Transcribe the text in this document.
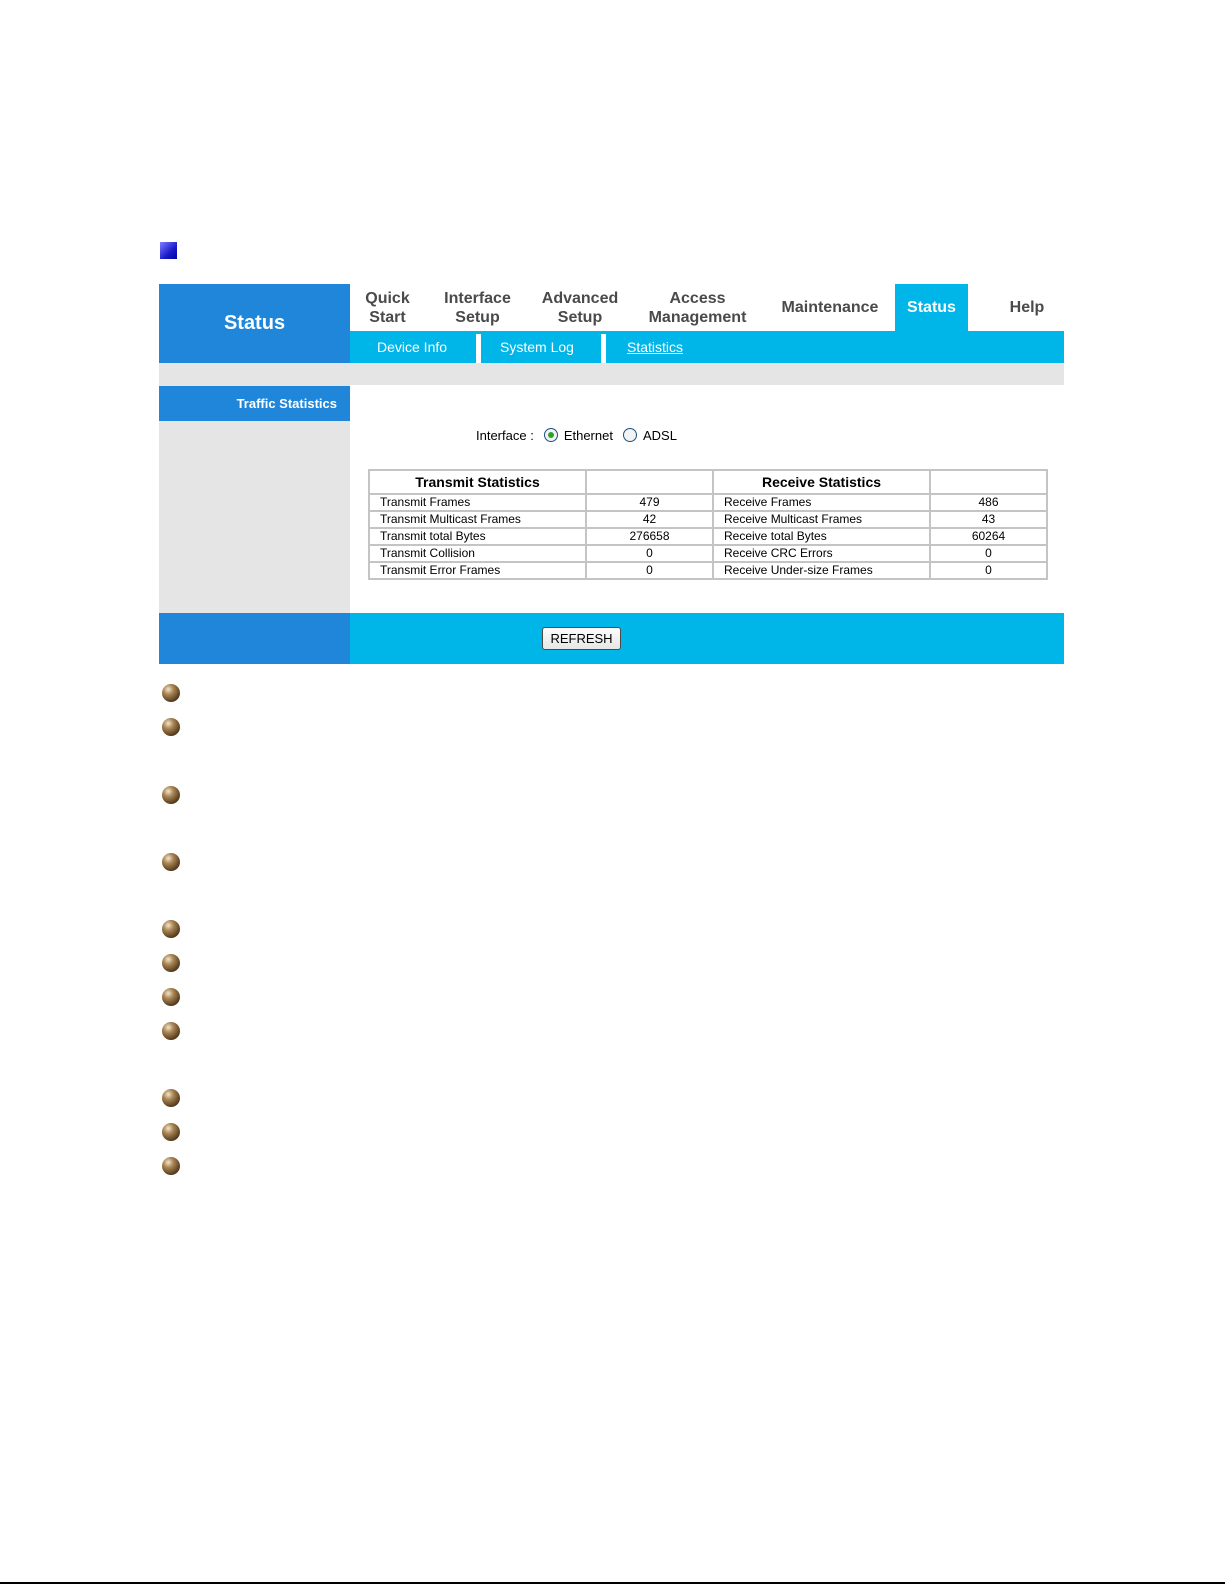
Status
Quick
Start
Interface
Setup
Advanced
Setup
Access
Management
Maintenance	Status	Help
Device Info	System Log	Statistics
Traffic Statistics
Interface : Ethernet ADSL
Transmit Statistics		Receive Statistics	
Transmit Frames	479	Receive Frames	486
Transmit Multicast Frames	42	Receive Multicast Frames	43
Transmit total Bytes	276658	Receive total Bytes	60264
Transmit Collision	0	Receive CRC Errors	0
Transmit Error Frames	0	Receive Under-size Frames	0
REFRESH
